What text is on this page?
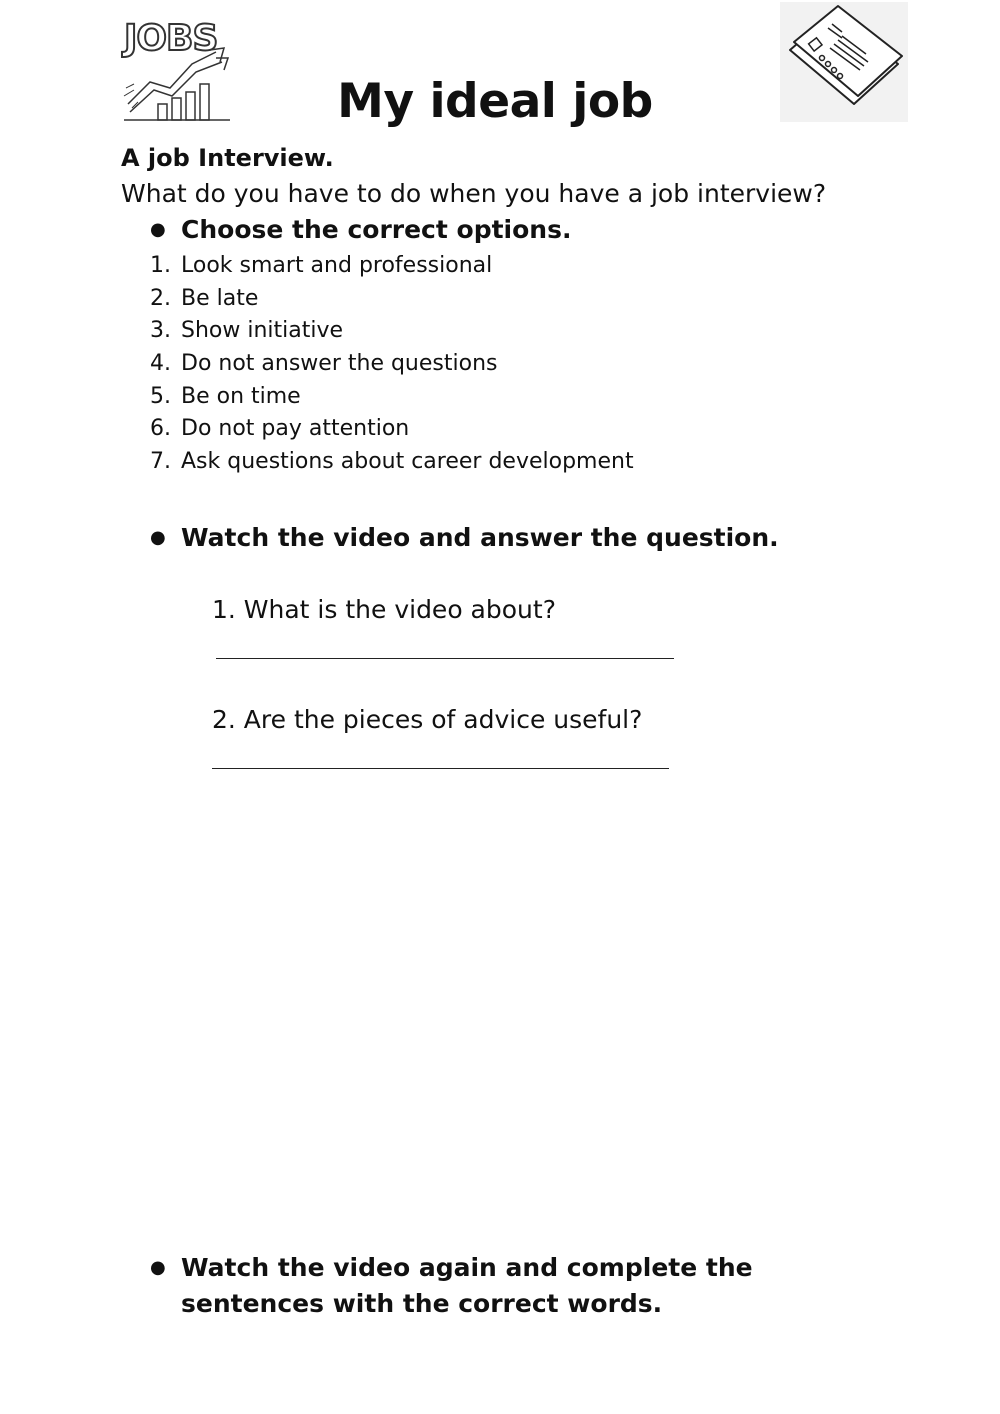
JOBS
My ideal job
A job Interview.
What do you have to do when you have a job interview?
● Choose the correct options.
1. Look smart and professional
2. Be late
3. Show initiative
4. Do not answer the questions
5. Be on time
6. Do not pay attention
7. Ask questions about career development
● Watch the video and answer the question.
1. What is the video about?
2. Are the pieces of advice useful?
● Watch the video again and complete the sentences with the correct words.
